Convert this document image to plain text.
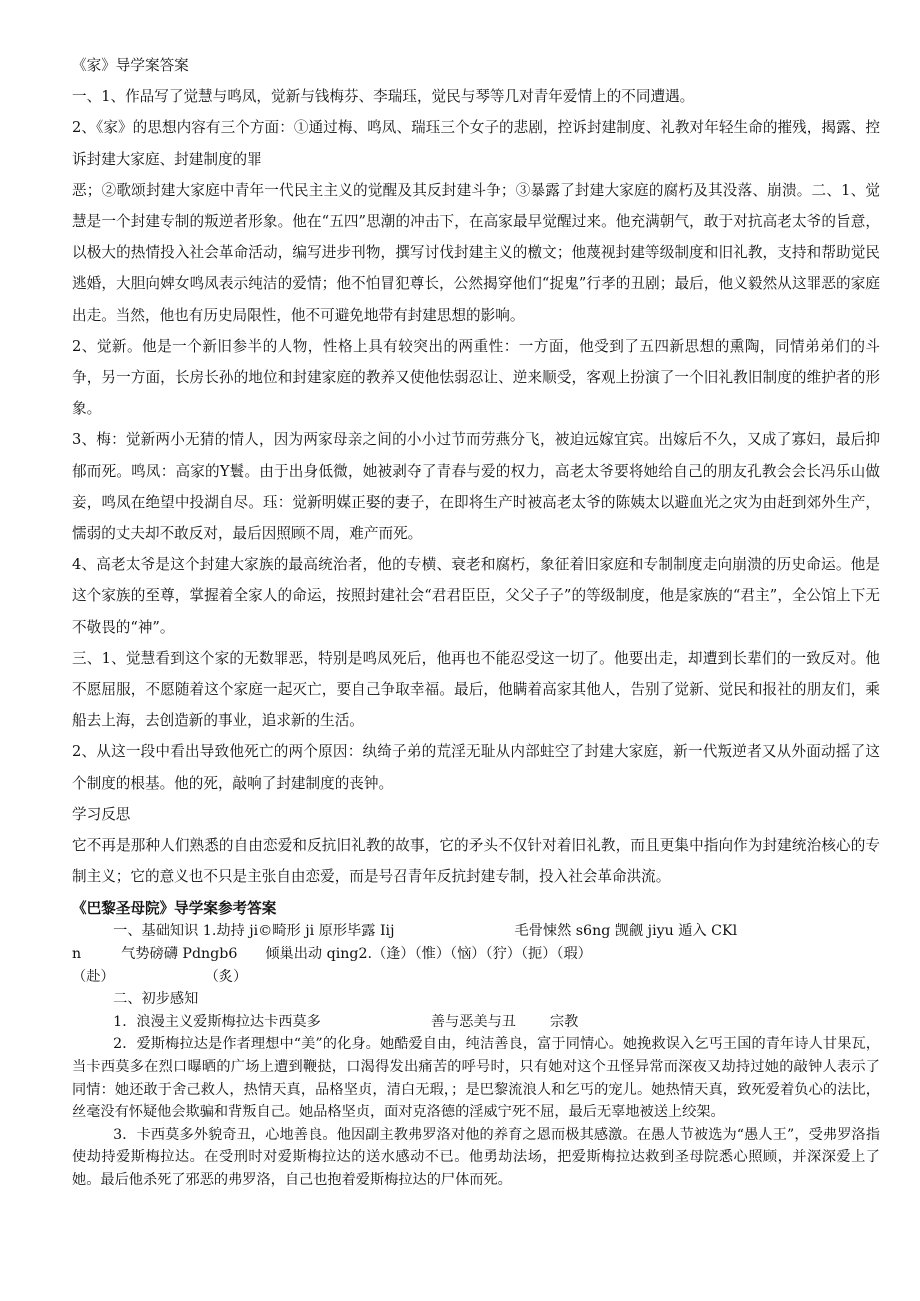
《家》导学案答案

一、1、作品写了觉慧与鸣凤，觉新与钱梅芬、李瑞珏，觉民与琴等几对青年爱情上的不同遭遇。

2、《家》的思想内容有三个方面：①通过梅、鸣凤、瑞珏三个女子的悲剧，控诉封建制度、礼教对年轻生命的摧残，揭露、控诉封建大家庭、封建制度的罪

恶；②歌颂封建大家庭中青年一代民主主义的觉醒及其反封建斗争；③暴露了封建大家庭的腐朽及其没落、崩溃。二、1、觉慧是一个封建专制的叛逆者形象。他在“五四”思潮的冲击下，在高家最早觉醒过来。他充满朝气，敢于对抗高老太爷的旨意，以极大的热情投入社会革命活动，编写进步刊物，撰写讨伐封建主义的檄文；他蔑视封建等级制度和旧礼教，支持和帮助觉民逃婚，大胆向婢女鸣凤表示纯洁的爱情；他不怕冒犯尊长，公然揭穿他们“捉鬼”行孝的丑剧；最后，他义毅然从这罪恶的家庭出走。当然，他也有历史局限性，他不可避免地带有封建思想的影响。

2、觉新。他是一个新旧参半的人物，性格上具有较突出的两重性：一方面，他受到了五四新思想的熏陶，同情弟弟们的斗争，另一方面，长房长孙的地位和封建家庭的教养又使他怯弱忍让、逆来顺受，客观上扮演了一个旧礼教旧制度的维护者的形象。

3、梅：觉新两小无猜的情人，因为两家母亲之间的小小过节而劳燕分飞，被迫远嫁宜宾。出嫁后不久，又成了寡妇，最后抑郁而死。鸣凤：高家的Y鬟。由于出身低微，她被剥夺了青春与爱的权力，高老太爷要将她给自己的朋友孔教会会长冯乐山做妾，鸣凤在绝望中投湖自尽。珏：觉新明媒正娶的妻子，在即将生产时被高老太爷的陈姨太以避血光之灾为由赶到郊外生产，懦弱的丈夫却不敢反对，最后因照顾不周，难产而死。

4、高老太爷是这个封建大家族的最高统治者，他的专横、衰老和腐朽，象征着旧家庭和专制制度走向崩溃的历史命运。他是这个家族的至尊，掌握着全家人的命运，按照封建社会“君君臣臣，父父子子”的等级制度，他是家族的“君主”，全公馆上下无不敬畏的“神”。

三、1、觉慧看到这个家的无数罪恶，特别是鸣凤死后，他再也不能忍受这一切了。他要出走，却遭到长辈们的一致反对。他不愿屈服，不愿随着这个家庭一起灭亡，要自己争取幸福。最后，他瞒着高家其他人，告别了觉新、觉民和报社的朋友们，乘船去上海，去创造新的事业，追求新的生活。

2、从这一段中看出导致他死亡的两个原因：纨绮子弟的荒淫无耻从内部蛀空了封建大家庭，新一代叛逆者又从外面动摇了这个制度的根基。他的死，敲响了封建制度的丧钟。

学习反思

它不再是那种人们熟悉的自由恋爱和反抗旧礼教的故事，它的矛头不仅针对着旧礼教，而且更集中指向作为封建统治核心的专制主义；它的意义也不只是主张自由恋爱，而是号召青年反抗封建专制，投入社会革命洪流。

《巴黎圣母院》导学案参考答案

一、基础知识 1.劫持 ji©畸形 ji 原形毕露 Iij	毛骨悚然 s6ng 觊觎 jiyu 遁入 CKl

n	气势磅礴 Pdngb6 倾巢出动 qing2.（逢）（惟）（恼）（狞）（扼）（瑕）

（赴）	（炙）

二、初步感知

1．浪漫主义爱斯梅拉达卡西莫多	善与恶美与丑 宗教

2．爱斯梅拉达是作者理想中“美”的化身。她酷爱自由，纯洁善良，富于同情心。她挽救误入乞丐王国的青年诗人甘果瓦，当卡西莫多在烈口曝晒的广场上遭到鞭挞，口渴得发出痛苦的呼号时，只有她对这个丑怪异常而深夜又劫持过她的敲钟人表示了同情：她还敢于舍己救人，热情天真，品格坚贞，清白无瑕，；是巴黎流浪人和乞丐的宠儿。她热情天真，致死爱着负心的法比，丝毫没有怀疑他会欺骗和背叛自己。她品格坚贞，面对克洛德的淫威宁死不屈，最后无辜地被送上绞架。

3．卡西莫多外貌奇丑，心地善良。他因副主教弗罗洛对他的养育之恩而极其感激。在愚人节被选为“愚人王”，受弗罗洛指使劫持爱斯梅拉达。在受刑时对爱斯梅拉达的送水感动不已。他勇劫法场，把爱斯梅拉达救到圣母院悉心照顾，并深深爱上了她。最后他杀死了邪恶的弗罗洛，自己也抱着爱斯梅拉达的尸体而死。
